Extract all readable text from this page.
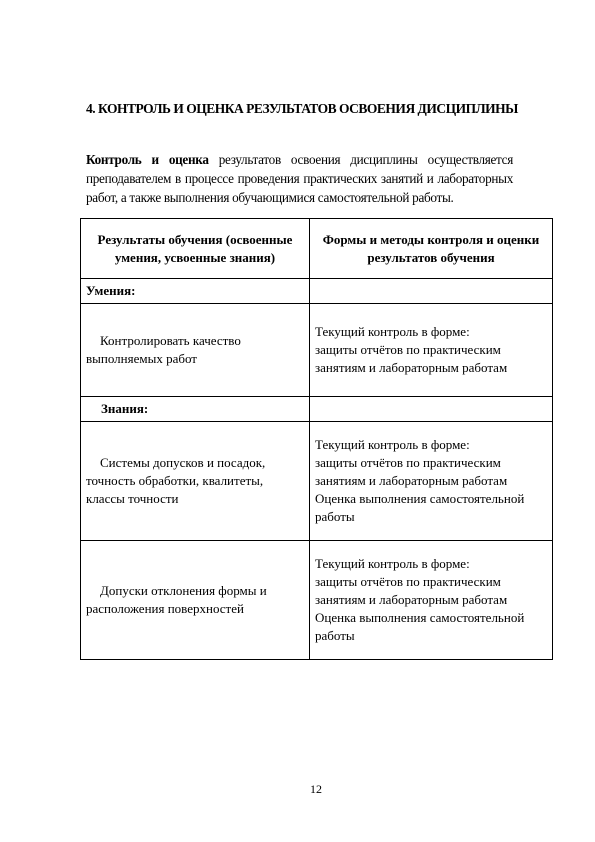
4. КОНТРОЛЬ И ОЦЕНКА РЕЗУЛЬТАТОВ ОСВОЕНИЯ ДИСЦИПЛИНЫ
Контроль и оценка результатов освоения дисциплины осуществляется преподавателем в процессе проведения практических занятий и лабораторных работ, а также выполнения обучающимися самостоятельной работы.
Результаты обучения (освоенные умения, усвоенные знания)	Формы и методы контроля и оценки результатов обучения
Умения:	
Контролировать качество выполняемых работ	Текущий контроль в форме:
защиты отчётов по практическим
занятиям и лабораторным работам

Знания:	
Системы допусков и посадок, точность обработки, квалитеты, классы точности	Текущий контроль в форме:
защиты отчётов по практическим
занятиям и лабораторным работам
Оценка выполнения самостоятельной
работы

Допуски отклонения формы и расположения поверхностей	Текущий контроль в форме:
защиты отчётов по практическим
занятиям и лабораторным работам
Оценка выполнения самостоятельной
работы
12
